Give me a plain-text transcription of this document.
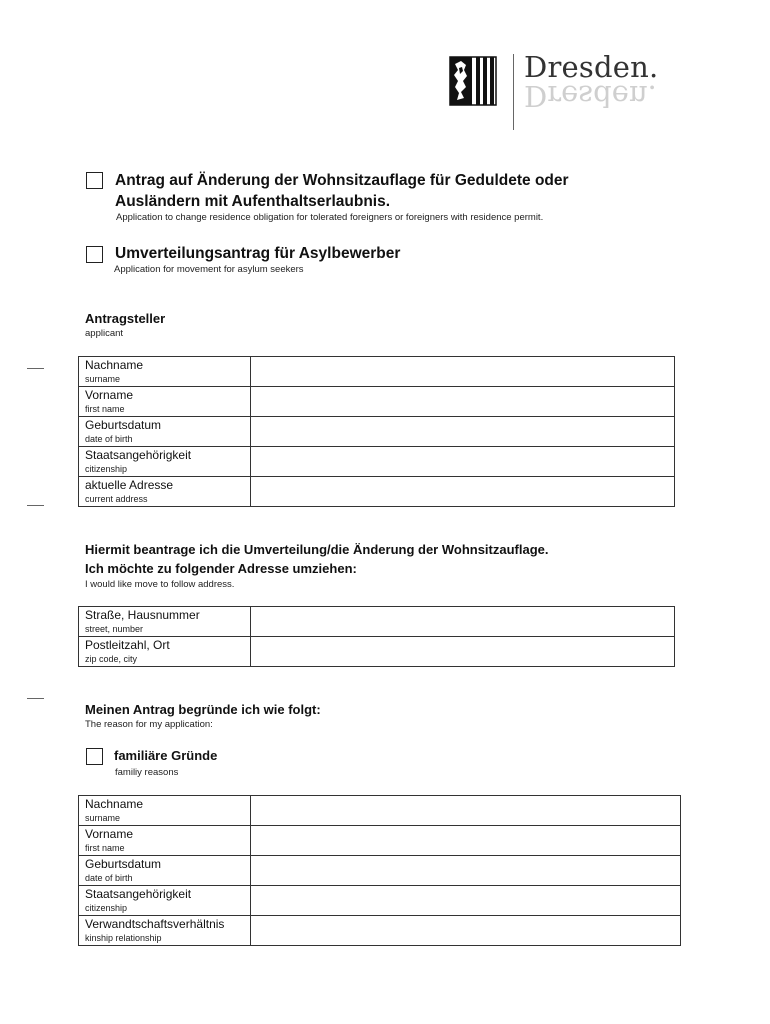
Dresden.
Dresden.
Antrag auf Änderung der Wohnsitzauflage für Geduldete oder
Ausländern mit Aufenthaltserlaubnis.
Application to change residence obligation for tolerated foreigners or foreigners with residence permit.
Umverteilungsantrag für Asylbewerber
Application for movement for asylum seekers
Antragsteller
applicant
Nachname
surname	

Vorname
first name	

Geburtsdatum
date of birth	

Staatsangehörigkeit
citizenship	

aktuelle Adresse
current address	

Hiermit beantrage ich die Umverteilung/die Änderung der Wohnsitzauflage.
Ich möchte zu folgender Adresse umziehen:
I would like move to follow address.
Straße, Hausnummer
street, number	

Postleitzahl, Ort
zip code, city	

Meinen Antrag begründe ich wie folgt:
The reason for my application:
familiäre Gründe
familiy reasons
Nachname
surname	

Vorname
first name	

Geburtsdatum
date of birth	

Staatsangehörigkeit
citizenship	

Verwandtschaftsverhältnis
kinship relationship	
